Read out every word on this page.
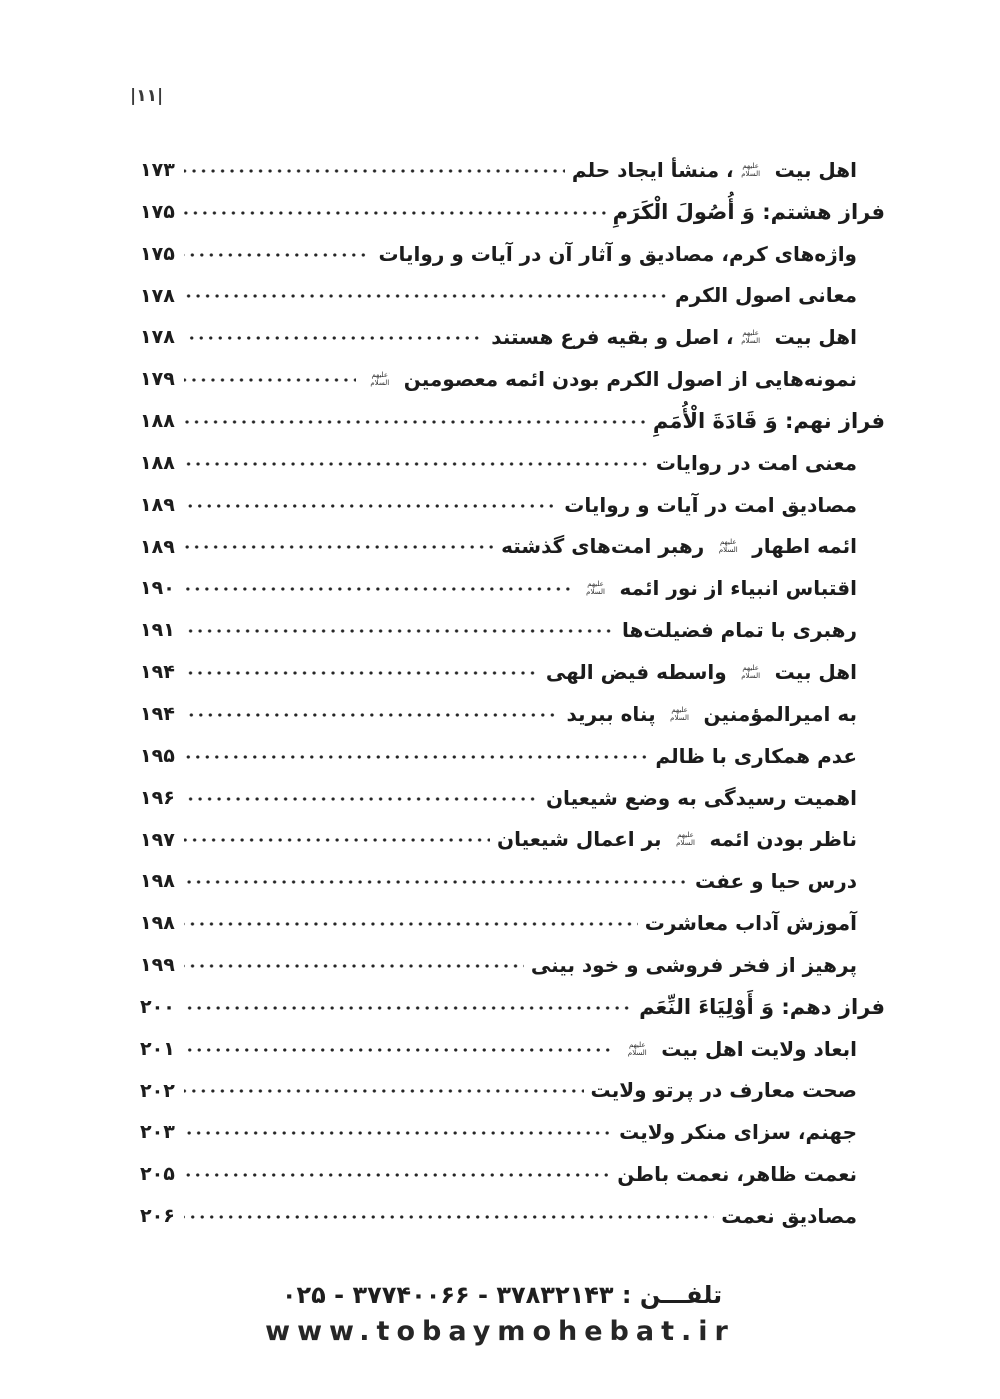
|۱۱|
اهل بیت علیهم السلام، منشأ ایجاد حلم
۱۷۳
فراز هشتم: وَ أُصُولَ الْکَرَمِ
۱۷۵
واژه‌های کرم، مصادیق و آثار آن در آیات و روایات
۱۷۵
معانی اصول الکرم
۱۷۸
اهل بیت علیهم السلام، اصل و بقیه فرع هستند
۱۷۸
نمونه‌هایی از اصول الکرم بودن ائمه معصومین علیهم السلام
۱۷۹
فراز نهم: وَ قَادَةَ الْأُمَمِ
۱۸۸
معنی امت در روایات
۱۸۸
مصادیق امت در آیات و روایات
۱۸۹
ائمه اطهار علیهم السلام رهبر امت‌های گذشته
۱۸۹
اقتباس انبیاء از نور ائمه علیهم السلام
۱۹۰
رهبری با تمام فضیلت‌ها
۱۹۱
اهل بیت علیهم السلام واسطه فیض الهی
۱۹۴
به امیرالمؤمنین علیهم السلام پناه ببرید
۱۹۴
عدم همکاری با ظالم
۱۹۵
اهمیت رسیدگی به وضع شیعیان
۱۹۶
ناظر بودن ائمه علیهم السلام بر اعمال شیعیان
۱۹۷
درس حیا و عفت
۱۹۸
آموزش آداب معاشرت
۱۹۸
پرهیز از فخر فروشی و خود بینی
۱۹۹
فراز دهم: وَ أَوْلِیَاءَ النِّعَم
۲۰۰
ابعاد ولایت اهل بیت علیهم السلام
۲۰۱
صحت معارف در پرتو ولایت
۲۰۲
جهنم، سزای منکر ولایت
۲۰۳
نعمت ظاهر، نعمت باطن
۲۰۵
مصادیق نعمت
۲۰۶
تلفـــن : ۳۷۸۳۲۱۴۳ - ۳۷۷۴۰۰۶۶ - ۰۲۵
www.tobaymohebat.ir
